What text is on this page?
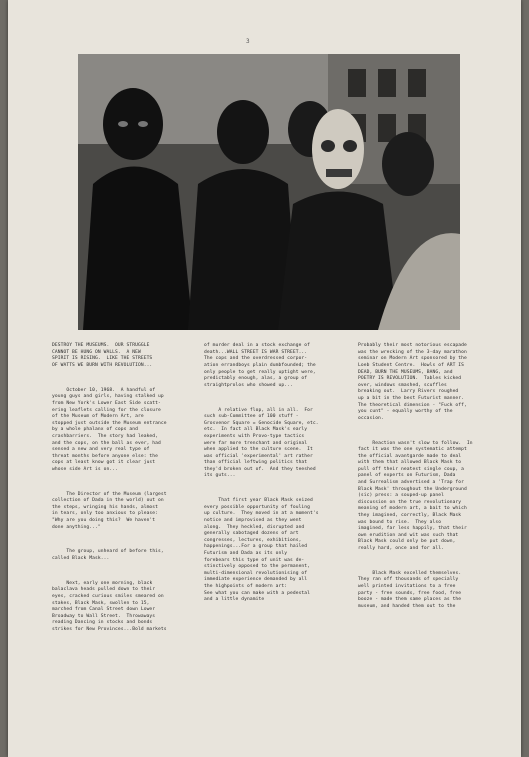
3

DESTROY THE MUSEUMS.  OUR STRUGGLE
CANNOT BE HUNG ON WALLS.  A NEW
SPIRIT IS RISING.  LIKE THE STREETS
OF WATTS WE BURN WITH REVOLUTION...

October 10, 1968.  A handful of
young guys and girls, having stalked up
from New York's Lower East Side scatt-
ering leaflets calling for the closure
of the Museum of Modern Art, are
stopped just outside the Museum entrance
by a whole phalanx of cops and
crashbarriers.  The story had leaked,
and the cops, on the ball as ever, had
sensed a new and very real type of
threat months before anyone else: the
cops at least know got it clear just
whose side Art is on...

The Director of the Museum (largest
collection of Dada in the world) out on
the steps, wringing his hands, almost
in tears, only too anxious to please:
"Why are you doing this?  We haven't
done anything..."

The group, unheard of before this,
called Black Mask...

Next, early one morning, black
balaclava heads pulled down to their
eyes, cracked curious smiles smeared on
stakes, Black Mask, swollen to 15,
marched from Canal Street down Lower
Broadway to Wall Street.  Throwaways
reading Dancing in stocks and bonds
strikes for New Provinces...Bold markets

of murder deal in a stock exchange of
death...WALL STREET IS WAR STREET...
The cops and the overdressed corpor-
ation errandboys plain dumbfounded; the
only people to get really uptight were,
predictably enough, alas, a group of
straightprolos who showed up...

A relative flop, all in all.  For
such sub-Committee of 100 stuff -
Grosvenor Square = Genocide Square, etc.
etc.  In fact all Black Mask's early
experiments with Provo-type tactics
were far more trenchant and original
when applied to the culture scene.  It
was official 'experimental' art rather
than official leftwing politics that
they'd broken out of.  And they teeshed
its guts...

That first year Black Mask seized
every possible opportunity of fouling
up culture.  They moved in at a moment's
notice and improvised as they went
along.  They heckled, disrupted and
generally sabotaged dozens of art
congresses, lectures, exhibitions,
happenings...For a group that hailed
Futurism and Dada as its only
forebears this type of unit was de-
stinctively opposed to the permanent,
multi-dimensional revolutionising of
immediate experience demanded by all
the highpoints of modern art:
See what you can make with a pedestal
and a little dynamite

Probably their most notorious escapade
was the wrecking of the 3-day marathon
seminar on Modern Art sponsored by the
Loeb Student Centre.  Howls of ART IS
DEAD, BURN THE MUSEUMS, BANG, and
POETRY IS REVOLUTION.  Tables kicked
over, windows smashed, scuffles
breaking out.  Larry Rivers roughed
up a bit in the best Futurist manner.
The theoretical dimension - "Fuck off,
you cunt" - equally worthy of the
occasion.

Reaction wasn't slow to follow.  In
fact it was the one systematic attempt
the official avantgarde made to deal
with them that allowed Black Mask to
pull off their neatest single coup, a
panel of experts on Futurism, Dada
and Surrealism advertised a 'Trap for
Black Mask' throughout the Underground
(sic) press: a souped-up panel
discussion on the true revolutionary
meaning of modern art, a bait to which
they imagined, correctly, Black Mask
was bound to rise.  They also
imagined, far less happily, that their
own erudition and wit was such that
Black Mask could only be put down,
really hard, once and for all.

Black Mask excelled themselves.
They ran off thousands of specially
well printed invitations to a free
party - free sounds, free food, free
booze - made them same places as the
museum, and handed them out to the
